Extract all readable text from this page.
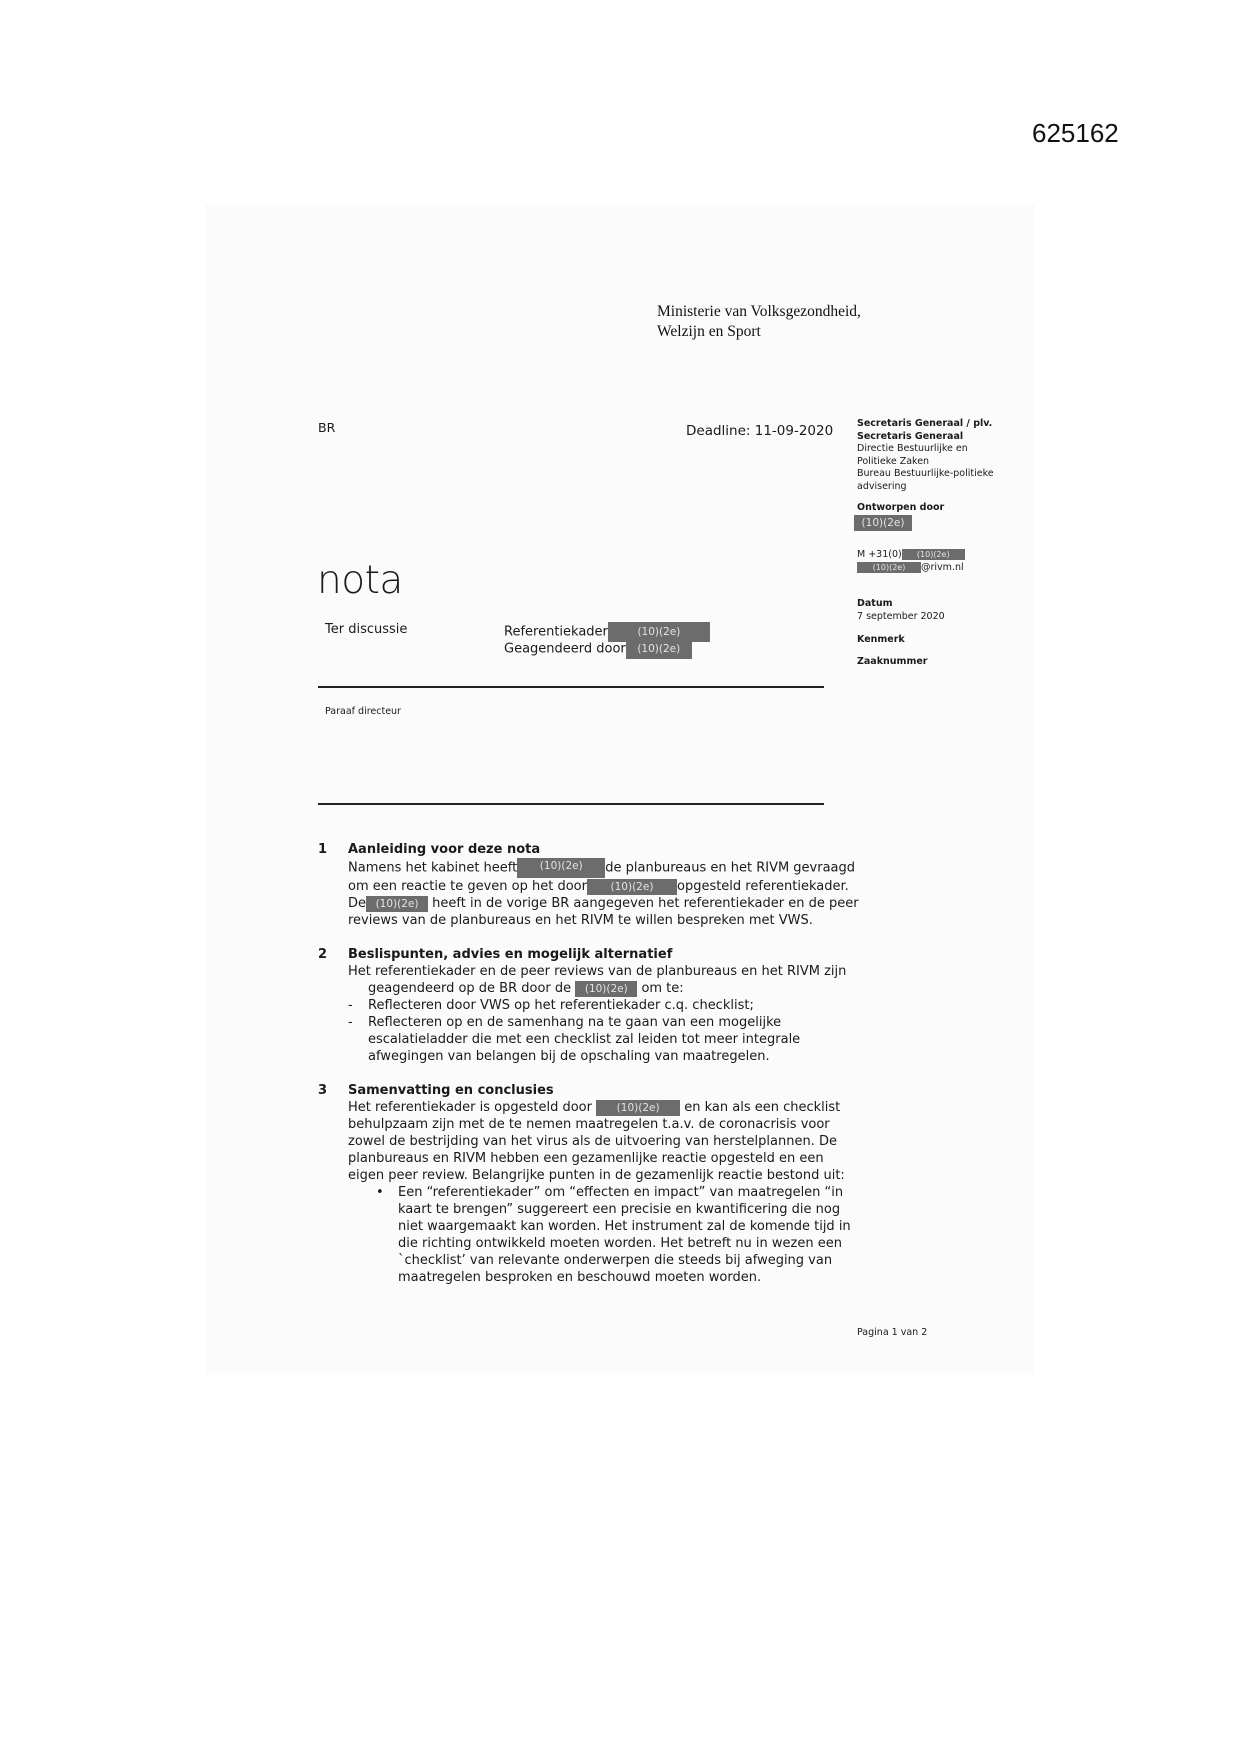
625162
Ministerie van Volksgezondheid,
Welzijn en Sport
BR	Deadline: 11-09-2020	Secretaris Generaal / plv.
Secretaris Generaal
Directie Bestuurlijke en
Politieke Zaken
Bureau Bestuurlijke-politieke
advisering
Ontworpen door
(10)(2e)
M +31(0) (10)(2e)
(10)(2e) @rivm.nl
Datum
7 september 2020
Kenmerk
Zaaknummer
nota
Ter discussie	Referentiekader	(10)(2e)
Geagendeerd door (10)(2e)
Paraaf directeur
1 Aanleiding voor deze nota
Namens het kabinet heeft (10)(2e) de planbureaus en het RIVM gevraagd
om een reactie te geven op het door (10)(2e) opgesteld referentiekader.
De (10)(2e) heeft in de vorige BR aangegeven het referentiekader en de peer
reviews van de planbureaus en het RIVM te willen bespreken met VWS.
2 Beslispunten, advies en mogelijk alternatief
Het referentiekader en de peer reviews van de planbureaus en het RIVM zijn
geagendeerd op de BR door de (10)(2e) om te:
- Reflecteren door VWS op het referentiekader c.q. checklist;
- Reflecteren op en de samenhang na te gaan van een mogelijke escalatieladder die met een checklist zal leiden tot meer integrale afwegingen van belangen bij de opschaling van maatregelen.
3 Samenvatting en conclusies
Het referentiekader is opgesteld door (10)(2e) en kan als een checklist
behulpzaam zijn met de te nemen maatregelen t.a.v. de coronacrisis voor zowel de bestrijding van het virus als de uitvoering van herstelplannen. De planbureaus en RIVM hebben een gezamenlijke reactie opgesteld en een eigen peer review. Belangrijke punten in de gezamenlijk reactie bestond uit:
• Een “referentiekader” om “effecten en impact” van maatregelen “in kaart te brengen” suggereert een precisie en kwantificering die nog niet waargemaakt kan worden. Het instrument zal de komende tijd in die richting ontwikkeld moeten worden. Het betreft nu in wezen een `checklist’ van relevante onderwerpen die steeds bij afweging van maatregelen besproken en beschouwd moeten worden.
Pagina 1 van 2
